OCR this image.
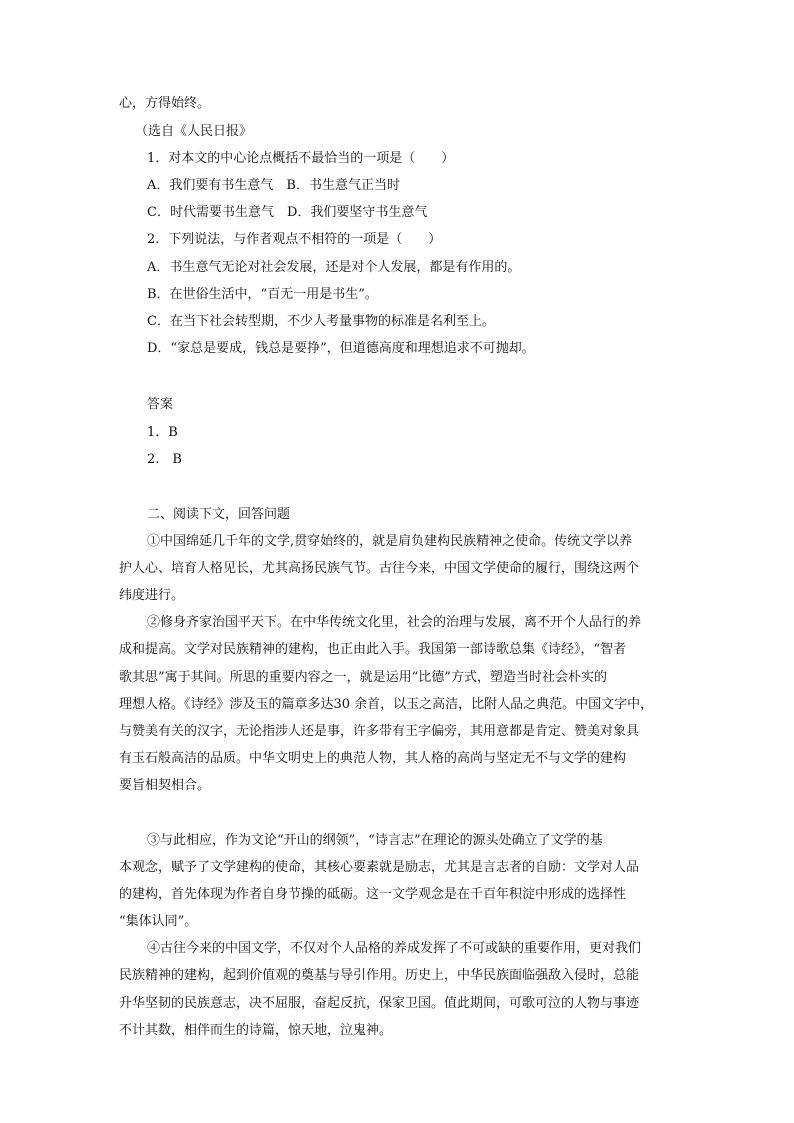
心，方得始终。
（选自《人民日报》
1．对本文的中心论点概括不最恰当的一项是（　　）
A．我们要有书生意气　B．书生意气正当时
C．时代需要书生意气　D．我们要坚守书生意气
2．下列说法，与作者观点不相符的一项是（　　）
A．书生意气无论对社会发展，还是对个人发展，都是有作用的。
B．在世俗生活中，“百无一用是书生”。
C．在当下社会转型期，不少人考量事物的标准是名利至上。
D．“家总是要成，钱总是要挣”，但道德高度和理想追求不可抛却。
答案
1．B
2.　B
二、阅读下文，回答问题
①中国绵延几千年的文学,贯穿始终的，就是肩负建构民族精神之使命。传统文学以养
护人心、培育人格见长，尤其高扬民族气节。古往今来，中国文学使命的履行，围绕这两个
纬度进行。
②修身齐家治国平天下。在中华传统文化里，社会的治理与发展，离不开个人品行的养
成和提高。文学对民族精神的建构，也正由此入手。我国第一部诗歌总集《诗经》，“智者
歌其思”寓于其间。所思的重要内容之一，就是运用“比德”方式，塑造当时社会朴实的
理想人格。《诗经》涉及玉的篇章多达30 余首，以玉之高洁，比附人品之典范。中国文字中，
与赞美有关的汉字，无论指涉人还是事，许多带有王字偏旁，其用意都是肯定、赞美对象具
有玉石般高洁的品质。中华文明史上的典范人物，其人格的高尚与坚定无不与文学的建构
要旨相契相合。
③与此相应，作为文论“开山的纲领”，“诗言志”在理论的源头处确立了文学的基
本观念，赋予了文学建构的使命，其核心要素就是励志，尤其是言志者的自励：文学对人品
的建构，首先体现为作者自身节操的砥砺。这一文学观念是在千百年积淀中形成的选择性
“集体认同”。
④古往今来的中国文学，不仅对个人品格的养成发挥了不可或缺的重要作用，更对我们
民族精神的建构，起到价值观的奠基与导引作用。历史上，中华民族面临强敌入侵时，总能
升华坚韧的民族意志，决不屈服，奋起反抗，保家卫国。值此期间，可歌可泣的人物与事迹
不计其数，相伴而生的诗篇，惊天地，泣鬼神。
